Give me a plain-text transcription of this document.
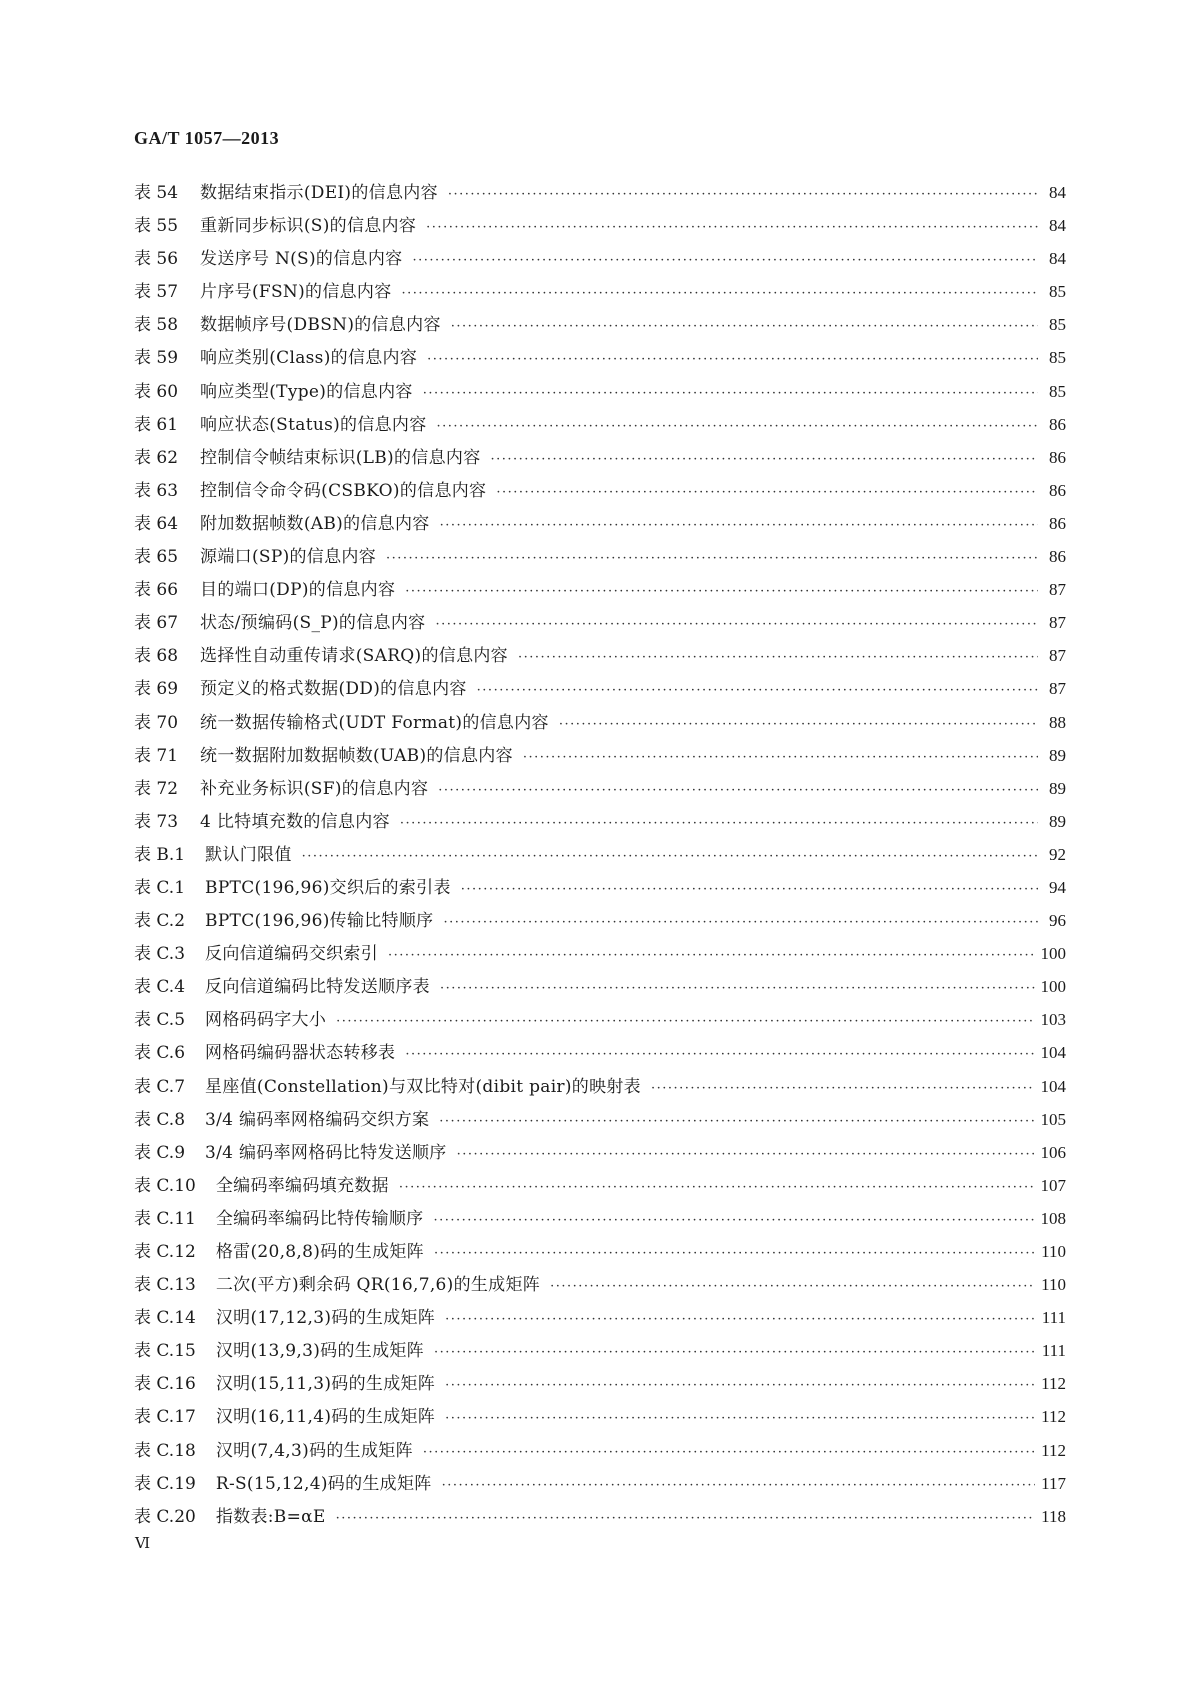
GA/T 1057—2013
表 54 数据结束指示(DEI)的信息内容 ·····	84
表 55 重新同步标识(S)的信息内容 ·····	84
表 56 发送序号 N(S)的信息内容 ·····	84
表 57 片序号(FSN)的信息内容 ·····	85
表 58 数据帧序号(DBSN)的信息内容 ·····	85
表 59 响应类别(Class)的信息内容 ·····	85
表 60 响应类型(Type)的信息内容 ·····	85
表 61 响应状态(Status)的信息内容 ·····	86
表 62 控制信令帧结束标识(LB)的信息内容 ·····	86
表 63 控制信令命令码(CSBKO)的信息内容 ·····	86
表 64 附加数据帧数(AB)的信息内容 ·····	86
表 65 源端口(SP)的信息内容 ·····	86
表 66 目的端口(DP)的信息内容 ·····	87
表 67 状态/预编码(S_P)的信息内容 ·····	87
表 68 选择性自动重传请求(SARQ)的信息内容 ·····	87
表 69 预定义的格式数据(DD)的信息内容 ·····	87
表 70 统一数据传输格式(UDT Format)的信息内容 ·····	88
表 71 统一数据附加数据帧数(UAB)的信息内容 ·····	89
表 72 补充业务标识(SF)的信息内容 ·····	89
表 73 4 比特填充数的信息内容 ·····	89
表 B.1 默认门限值 ·····	92
表 C.1 BPTC(196,96)交织后的索引表 ·····	94
表 C.2 BPTC(196,96)传输比特顺序 ·····	96
表 C.3 反向信道编码交织索引 ·····	100
表 C.4 反向信道编码比特发送顺序表 ·····	100
表 C.5 网格码码字大小 ·····	103
表 C.6 网格码编码器状态转移表 ·····	104
表 C.7 星座值(Constellation)与双比特对(dibit pair)的映射表 ·····	104
表 C.8 3/4 编码率网格编码交织方案 ·····	105
表 C.9 3/4 编码率网格码比特发送顺序 ·····	106
表 C.10 全编码率编码填充数据 ·····	107
表 C.11 全编码率编码比特传输顺序 ·····	108
表 C.12 格雷(20,8,8)码的生成矩阵 ·····	110
表 C.13 二次(平方)剩余码 QR(16,7,6)的生成矩阵 ·····	110
表 C.14 汉明(17,12,3)码的生成矩阵 ·····	111
表 C.15 汉明(13,9,3)码的生成矩阵 ·····	111
表 C.16 汉明(15,11,3)码的生成矩阵 ·····	112
表 C.17 汉明(16,11,4)码的生成矩阵 ·····	112
表 C.18 汉明(7,4,3)码的生成矩阵 ·····	112
表 C.19 R-S(15,12,4)码的生成矩阵 ·····	117
表 C.20 指数表:B=αE ·····	118
Ⅵ
